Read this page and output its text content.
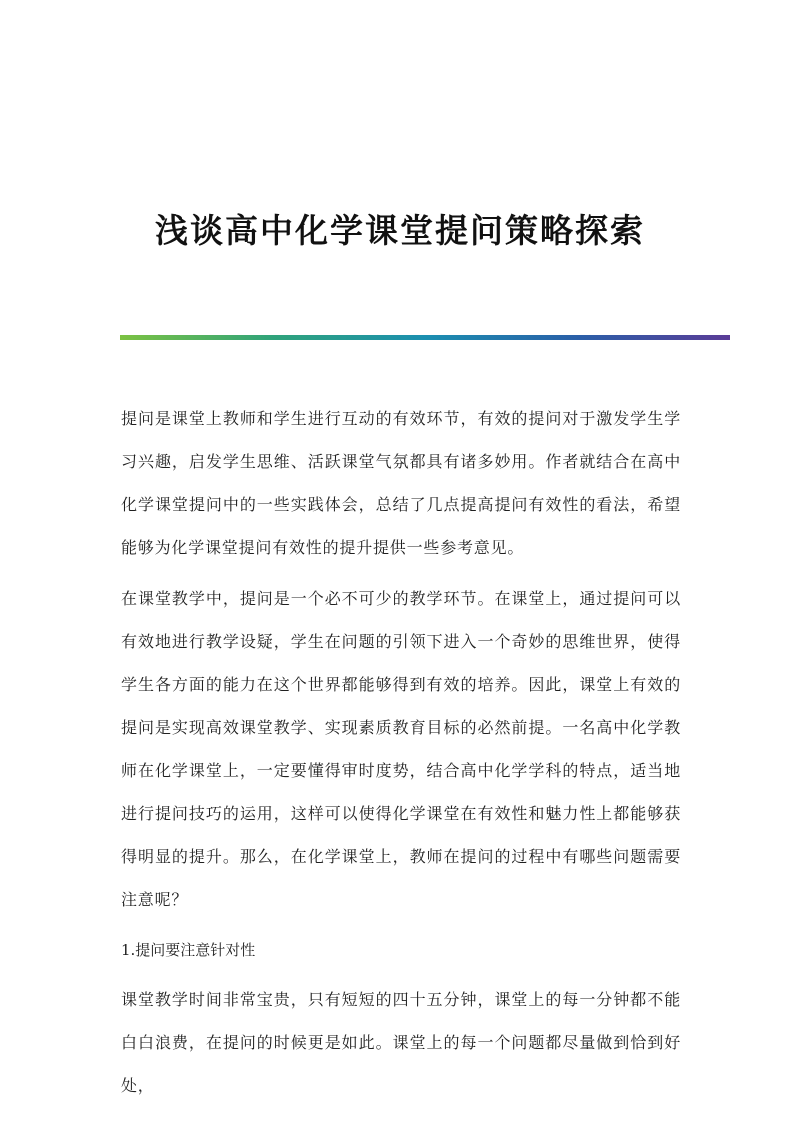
浅谈高中化学课堂提问策略探索

提问是课堂上教师和学生进行互动的有效环节，有效的提问对于激发学生学习兴趣，启发学生思维、活跃课堂气氛都具有诸多妙用。作者就结合在高中化学课堂提问中的一些实践体会，总结了几点提高提问有效性的看法，希望能够为化学课堂提问有效性的提升提供一些参考意见。

在课堂教学中，提问是一个必不可少的教学环节。在课堂上，通过提问可以有效地进行教学设疑，学生在问题的引领下进入一个奇妙的思维世界，使得学生各方面的能力在这个世界都能够得到有效的培养。因此，课堂上有效的提问是实现高效课堂教学、实现素质教育目标的必然前提。一名高中化学教师在化学课堂上，一定要懂得审时度势，结合高中化学学科的特点，适当地进行提问技巧的运用，这样可以使得化学课堂在有效性和魅力性上都能够获得明显的提升。那么，在化学课堂上，教师在提问的过程中有哪些问题需要注意呢？

1.提问要注意针对性

课堂教学时间非常宝贵，只有短短的四十五分钟，课堂上的每一分钟都不能白白浪费，在提问的时候更是如此。课堂上的每一个问题都尽量做到恰到好处，
